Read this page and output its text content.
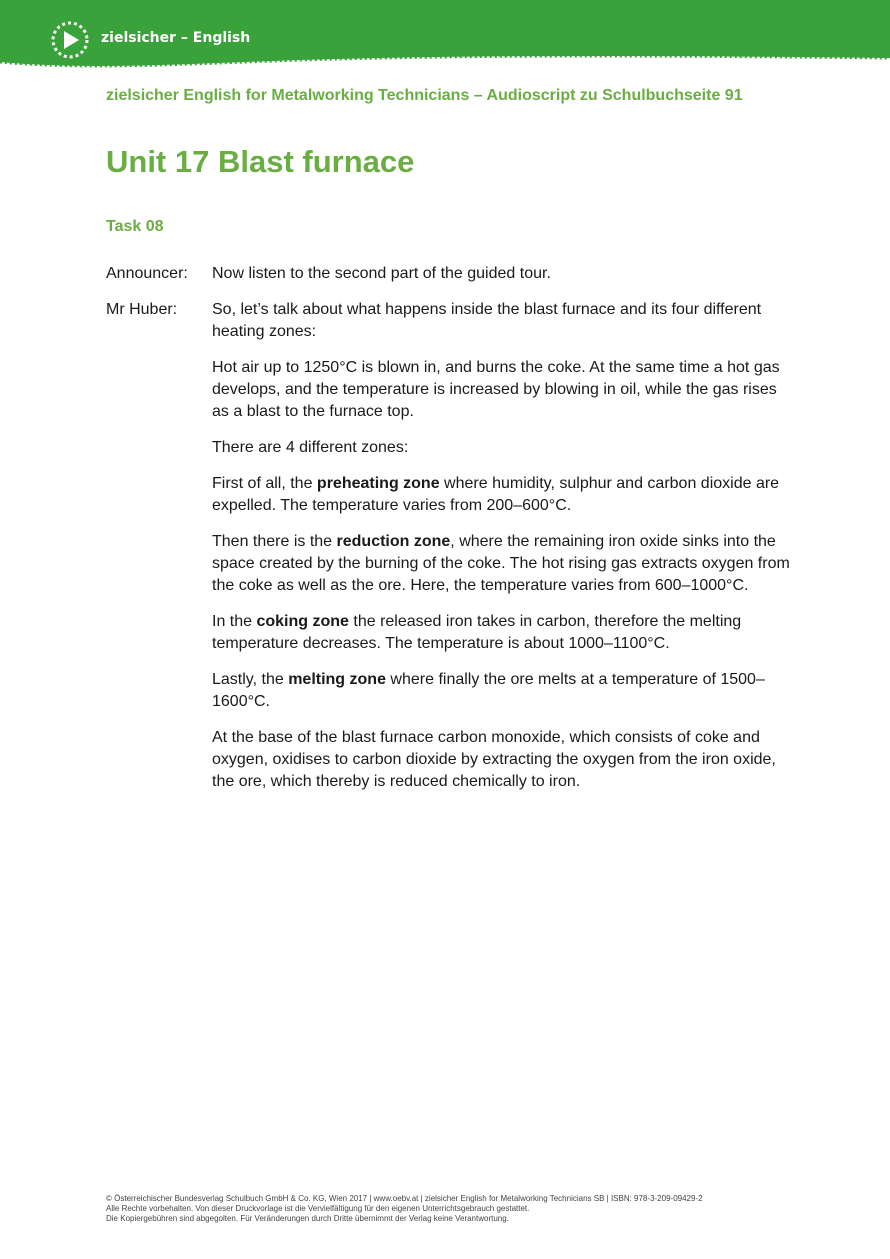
zielsicher – English
zielsicher English for Metalworking Technicians – Audioscript zu Schulbuchseite 91
Unit 17 Blast furnace
Task 08
Announcer:	Now listen to the second part of the guided tour.

Mr Huber:	So, let’s talk about what happens inside the blast furnace and its four different heating zones:

Hot air up to 1250°C is blown in, and burns the coke. At the same time a hot gas develops, and the temperature is increased by blowing in oil, while the gas rises as a blast to the furnace top.

There are 4 different zones:

First of all, the preheating zone where humidity, sulphur and carbon dioxide are expelled. The temperature varies from 200–600°C.

Then there is the reduction zone, where the remaining iron oxide sinks into the space created by the burning of the coke. The hot rising gas extracts oxygen from the coke as well as the ore. Here, the temperature varies from 600–1000°C.

In the coking zone the released iron takes in carbon, therefore the melting temperature decreases. The temperature is about 1000–1100°C.

Lastly, the melting zone where finally the ore melts at a temperature of 1500–1600°C.

At the base of the blast furnace carbon monoxide, which consists of coke and oxygen, oxidises to carbon dioxide by extracting the oxygen from the iron oxide, the ore, which thereby is reduced chemically to iron.

© Österreichischer Bundesverlag Schulbuch GmbH & Co. KG, Wien 2017 | www.oebv.at | zielsicher English for Metalworking Technicians SB | ISBN: 978-3-209-09429-2
Alle Rechte vorbehalten. Von dieser Druckvorlage ist die Vervielfältigung für den eigenen Unterrichtsgebrauch gestattet.
Die Kopiergebühren sind abgegolten. Für Veränderungen durch Dritte übernimmt der Verlag keine Verantwortung.
